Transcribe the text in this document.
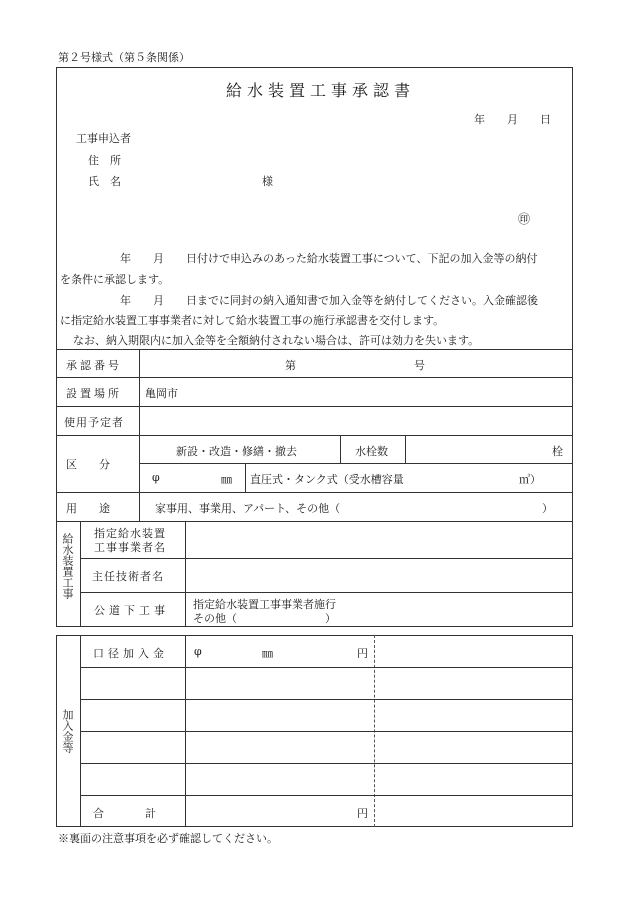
第２号様式（第５条関係）
給水装置工事承認書
年　　月　　日
工事申込者
住　所
氏　名	様
㊞
年　　月　　日付けで申込みのあった給水装置工事について、下記の加入金等の納付
を条件に承認します。
年　　月　　日までに同封の納入通知書で加入金等を納付してください。入金確認後
に指定給水装置工事事業者に対して給水装置工事の施行承認書を交付します。
なお、納入期限内に加入金等を全額納付されない場合は、許可は効力を失います。
承認番号	第	号
設置場所 亀岡市
使用予定者
区　　分
新設・改造・修繕・撤去	水栓数	栓
φ	㎜ 直圧式・タンク式（受水槽容量	㎥）
用　　途	家事用、事業用、アパート、その他（	）
給水装置工事 指定給水装置
工事事業者名
主任技術者名
公道下工事 指定給水装置工事事業者施行
その他（　　　　　　　　）
加入金等
口径加入金 φ	㎜	円
合　　　計	円
※裏面の注意事項を必ず確認してください。
